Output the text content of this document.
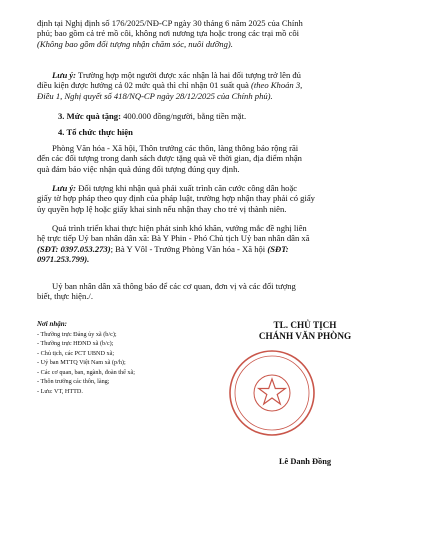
định tại Nghị định số 176/2025/NĐ-CP ngày 30 tháng 6 năm 2025 của Chính
phủ; bao gồm cả trẻ mồ côi, không nơi nương tựa hoặc trong các trại mồ côi
(Không bao gồm đối tượng nhận chăm sóc, nuôi dưỡng).

Lưu ý: Trường hợp một người được xác nhận là hai đối tượng trở lên đủ
điều kiện được hưởng cả 02 mức quà thì chỉ nhận 01 suất quà (theo Khoản 3,
Điều 1, Nghị quyết số 418/NQ-CP ngày 28/12/2025 của Chính phủ).

3. Mức quà tặng: 400.000 đồng/người, bằng tiền mặt.

4. Tổ chức thực hiện

Phòng Văn hóa - Xã hội, Thôn trưởng các thôn, làng thông báo rộng rãi
đến các đối tượng trong danh sách được tặng quà về thời gian, địa điểm nhận
quà đảm bảo việc nhận quà đúng đối tượng đúng quy định.

Lưu ý: Đối tượng khi nhận quà phải xuất trình căn cước công dân hoặc
giấy tờ hợp pháp theo quy định của pháp luật, trường hợp nhận thay phải có giấy
ủy quyền hợp lệ hoặc giấy khai sinh nếu nhận thay cho trẻ vị thành niên.

Quá trình triển khai thực hiện phát sinh khó khăn, vướng mắc đề nghị liên
hệ trực tiếp Uỷ ban nhân dân xã: Bà Y Phin - Phó Chủ tịch Uỷ ban nhân dân xã
(SĐT: 0397.053.273); Bà Y Vôl - Trưởng Phòng Văn hóa - Xã hội (SĐT:
0971.253.799).

Uỷ ban nhân dân xã thông báo để các cơ quan, đơn vị và các đối tượng
biết, thực hiện./.

Nơi nhận:
- Thường trực Đảng ủy xã (b/c);
- Thường trực HĐND xã (b/c);
- Chủ tịch, các PCT UBND xã;
- Uỷ ban MTTQ Việt Nam xã (p/h);
- Các cơ quan, ban, ngành, đoàn thể xã;
- Thôn trưởng các thôn, làng;
- Lưu: VT, HTTD.
TL. CHỦ TỊCH
CHÁNH VĂN PHÒNG
Lê Danh Đồng
